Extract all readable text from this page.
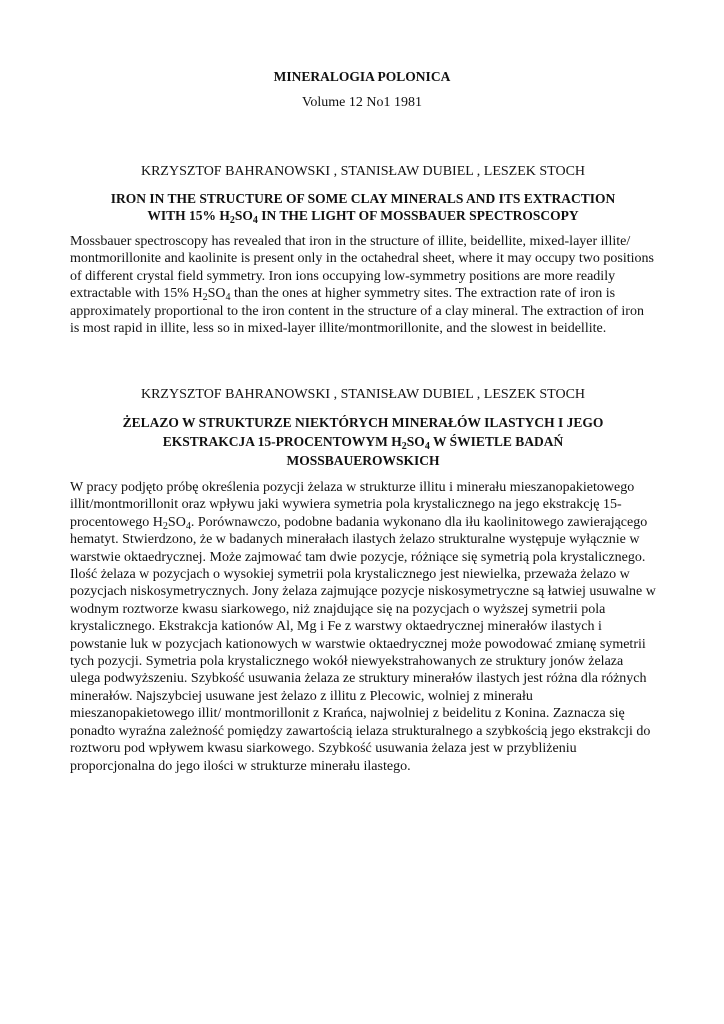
MINERALOGIA POLONICA
Volume 12 No1 1981

KRZYSZTOF BAHRANOWSKI , STANISŁAW DUBIEL , LESZEK STOCH

IRON IN THE STRUCTURE OF SOME CLAY MINERALS AND ITS EXTRACTION
WITH 15% $H_2SO_4$ IN THE LIGHT OF MOSSBAUER SPECTROSCOPY

Mossbauer spectroscopy has revealed that iron in the structure of illite, beidellite, mixed-layer illite/ montmorillonite and kaolinite is present only in the octahedral sheet, where it may occupy two positions of different crystal field symmetry. Iron ions occupying low-symmetry positions are more readily extractable with 15% $H_2SO_4$ than the ones at higher symmetry sites. The extraction rate of iron is approximately proportional to the iron content in the structure of a clay mineral. The extraction of iron is most rapid in illite, less so in mixed-layer illite/montmorillonite, and the slowest in beidellite.

KRZYSZTOF BAHRANOWSKI , STANISŁAW DUBIEL , LESZEK STOCH

ŻELAZO W STRUKTURZE NIEKTÓRYCH MINERAŁÓW ILASTYCH I JEGO
EKSTRAKCJA 15-PROCENTOWYM $H_2SO_4$ W ŚWIETLE BADAŃ
MOSSBAUEROWSKICH

W pracy podjęto próbę określenia pozycji żelaza w strukturze illitu i minerału mieszanopakietowego illit/montmorillonit oraz wpływu jaki wywiera symetria pola krystalicznego na jego ekstrakcję 15-procentowego $H_2SO_4$. Porównawczo, podobne badania wykonano dla iłu kaolinitowego zawierającego hematyt. Stwierdzono, że w badanych minerałach ilastych żelazo strukturalne występuje wyłącznie w warstwie oktaedrycznej. Może zajmować tam dwie pozycje, różniące się symetrią pola krystalicznego. Ilość żelaza w pozycjach o wysokiej symetrii pola krystalicznego jest niewielka, przeważa żelazo w pozycjach niskosymetrycznych. Jony żelaza zajmujące pozycje niskosymetryczne są łatwiej usuwalne w wodnym roztworze kwasu siarkowego, niż znajdujące się na pozycjach o wyższej symetrii pola krystalicznego. Ekstrakcja kationów Al, Mg i Fe z warstwy oktaedrycznej minerałów ilastych i powstanie luk w pozycjach kationowych w warstwie oktaedrycznej może powodować zmianę symetrii tych pozycji. Symetria pola krystalicznego wokół niewyekstrahowanych ze struktury jonów żelaza ulega podwyższeniu. Szybkość usuwania żelaza ze struktury minerałów ilastych jest różna dla różnych minerałów. Najszybciej usuwane jest żelazo z illitu z Plecowic, wolniej z minerału mieszanopakietowego illit/ montmorillonit z Krańca, najwolniej z beidelitu z Konina. Zaznacza się ponadto wyraźna zależność pomiędzy zawartością ielaza strukturalnego a szybkością jego ekstrakcji do roztworu pod wpływem kwasu siarkowego. Szybkość usuwania żelaza jest w przybliżeniu proporcjonalna do jego ilości w strukturze minerału ilastego.
